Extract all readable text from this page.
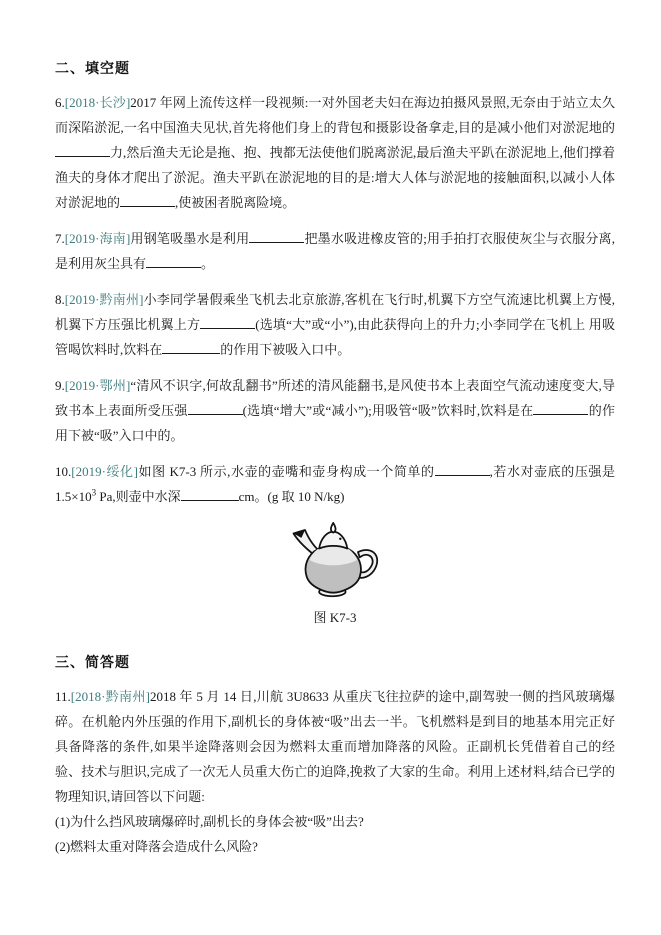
二、填空题

6.[2018·长沙]2017 年网上流传这样一段视频:一对外国老夫妇在海边拍摄风景照,无奈由于站立太久而深陷淤泥,一名中国渔夫见状,首先将他们身上的背包和摄影设备拿走,目的是减小他们对淤泥地的力,然后渔夫无论是拖、抱、拽都无法使他们脱离淤泥,最后渔夫平趴在淤泥地上,他们撑着渔夫的身体才爬出了淤泥。渔夫平趴在淤泥地的目的是:增大人体与淤泥地的接触面积,以减小人体对淤泥地的	,使被困者脱离险境。

7.[2019·海南]用钢笔吸墨水是利用	把墨水吸进橡皮管的;用手拍打衣服使灰尘与衣服分离,是利用灰尘具有	。

8.[2019·黔南州]小李同学暑假乘坐飞机去北京旅游,客机在飞行时,机翼下方空气流速比机翼上方慢,机翼下方压强比机翼上方	(选填“大”或“小”),由此获得向上的升力;小李同学在飞机上 用吸管喝饮料时,饮料在	的作用下被吸入口中。

9.[2019·鄂州]“清风不识字,何故乱翻书”所述的清风能翻书,是风使书本上表面空气流动速度变大,导致书本上表面所受压强	(选填“增大”或“减小”);用吸管“吸”饮料时,饮料是在	的作用下被“吸”入口中的。

10.[2019·绥化]如图 K7-3 所示,水壶的壶嘴和壶身构成一个简单的	,若水对壶底的压强是 $1.5\times 10^3$ Pa,则壶中水深	cm。(g 取 10 N/kg)

图 K7-3
三、简答题

11.[2018·黔南州]2018 年 5 月 14 日,川航 3U8633 从重庆飞往拉萨的途中,副驾驶一侧的挡风玻璃爆碎。在机舱内外压强的作用下,副机长的身体被“吸”出去一半。飞机燃料是到目的地基本用完正好具备降落的条件,如果半途降落则会因为燃料太重而增加降落的风险。正副机长凭借着自己的经验、技术与胆识,完成了一次无人员重大伤亡的迫降,挽救了大家的生命。利用上述材料,结合已学的物理知识,请回答以下问题:
(1)为什么挡风玻璃爆碎时,副机长的身体会被“吸”出去?
(2)燃料太重对降落会造成什么风险?
